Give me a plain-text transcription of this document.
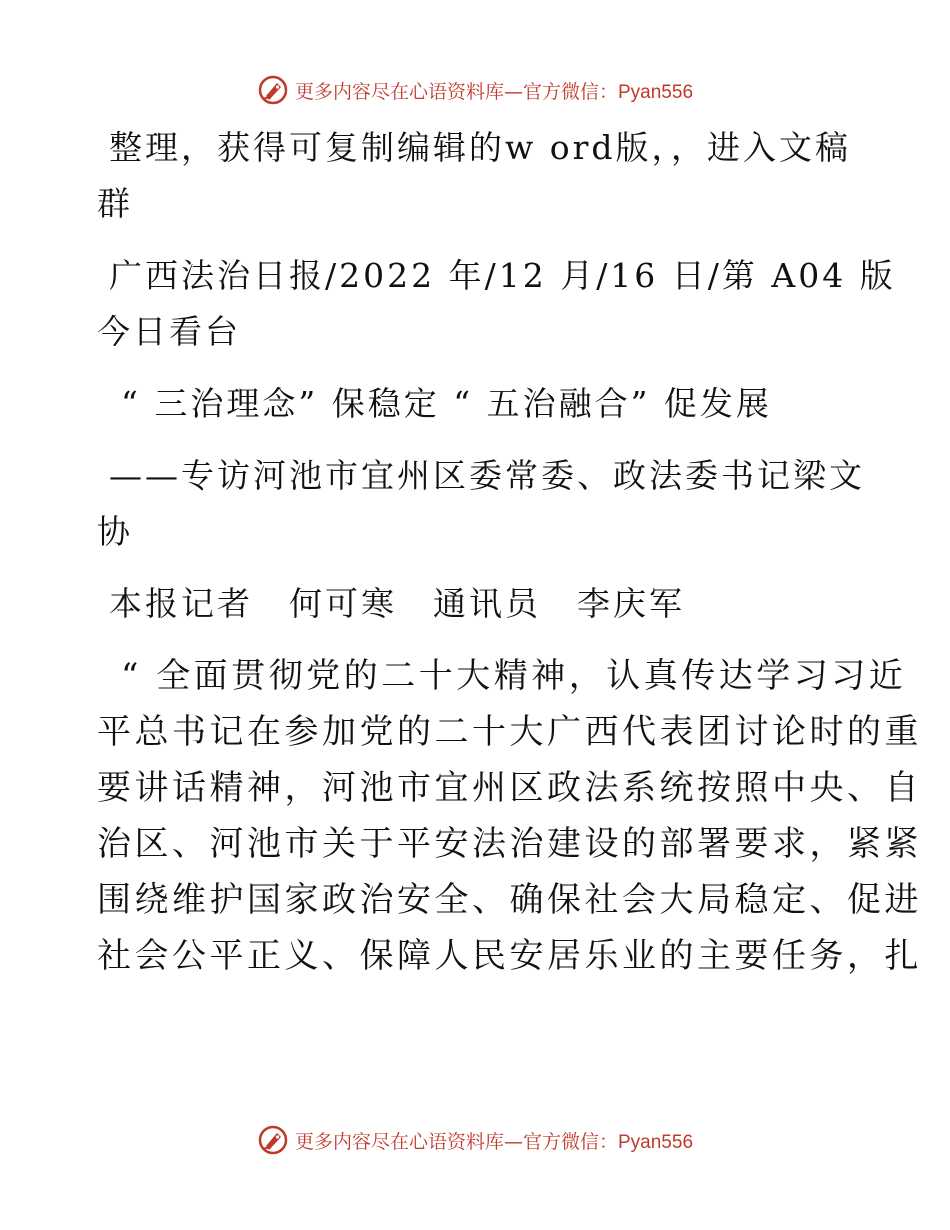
更多内容尽在心语资料库—官方微信：Pyan556

整理，获得可复制编辑的w ord版，，进入文稿

群

广西法治日报/2022 年/12 月/16 日/第 A04 版

今日看台

“ 三治理念” 保稳定 “ 五治融合” 促发展

——专访河池市宜州区委常委、政法委书记梁文

协

本报记者　何可寒　通讯员　李庆军

“ 全面贯彻党的二十大精神，认真传达学习习近

平总书记在参加党的二十大广西代表团讨论时的重

要讲话精神，河池市宜州区政法系统按照中央、自

治区、河池市关于平安法治建设的部署要求，紧紧

围绕维护国家政治安全、确保社会大局稳定、促进

社会公平正义、保障人民安居乐业的主要任务，扎

更多内容尽在心语资料库—官方微信：Pyan556
